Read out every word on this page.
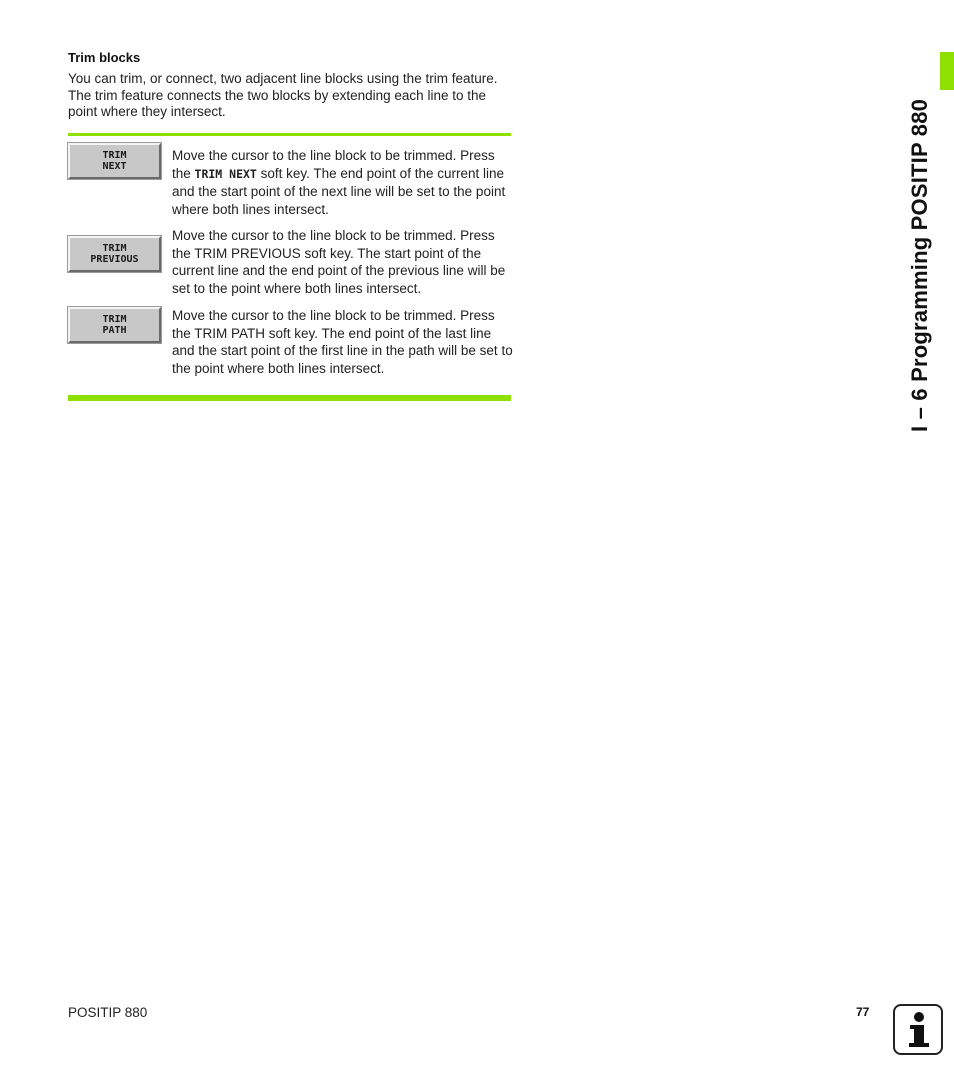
Trim blocks
You can trim, or connect, two adjacent line blocks using the trim feature. The trim feature connects the two blocks by extending each line to the point where they intersect.
TRIM
NEXT
Move the cursor to the line block to be trimmed. Press the TRIM NEXT soft key. The end point of the current line and the start point of the next line will be set to the point where both lines intersect.
TRIM
PREVIOUS
Move the cursor to the line block to be trimmed. Press the TRIM PREVIOUS soft key. The start point of the current line and the end point of the previous line will be set to the point where both lines intersect.
TRIM
PATH
Move the cursor to the line block to be trimmed. Press the TRIM PATH soft key. The end point of the last line and the start point of the first line in the path will be set to the point where both lines intersect.	I – 6 Programming POSITIP 880
POSITIP 880	77
